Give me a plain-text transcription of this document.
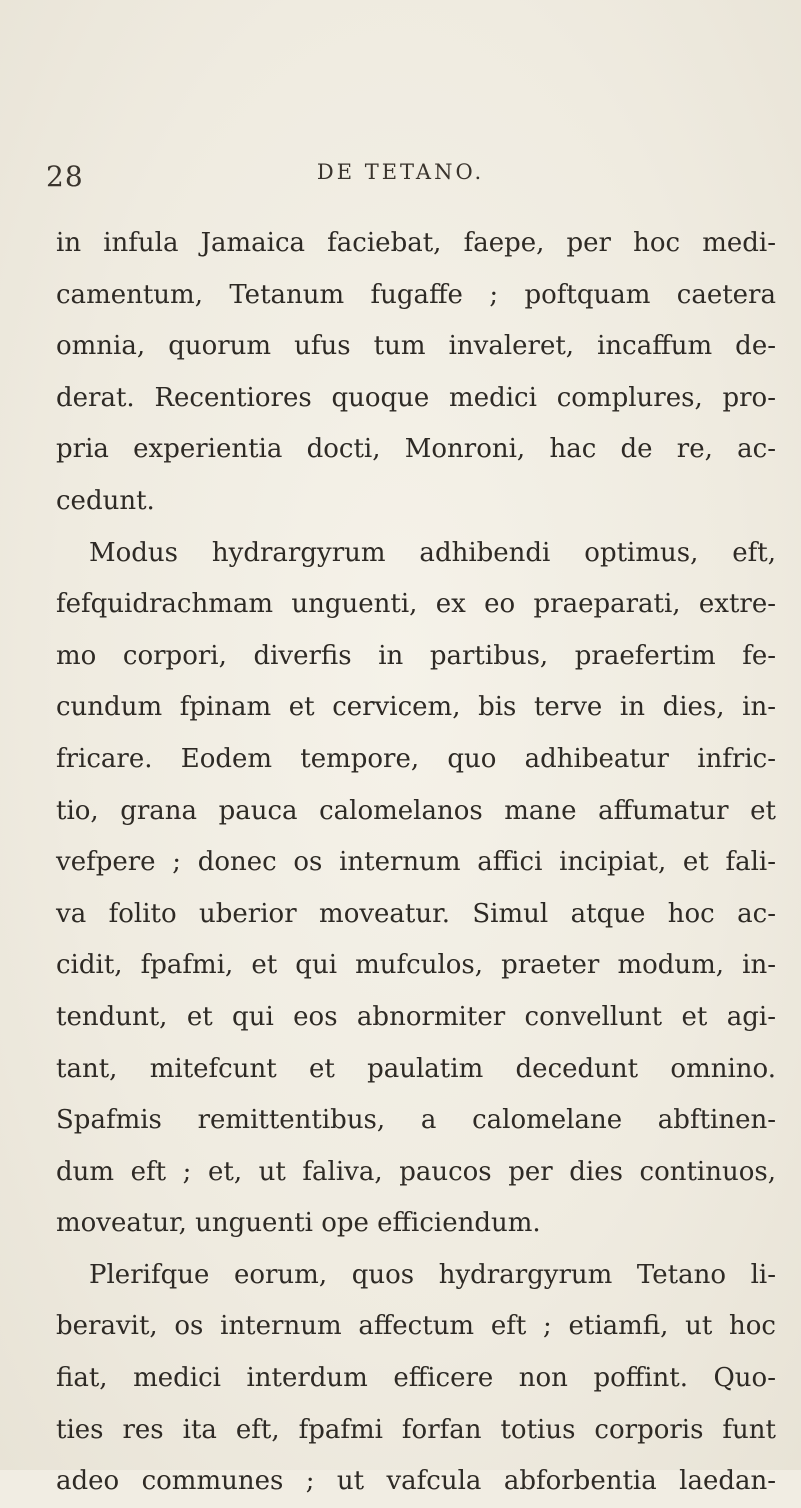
28	DE TETANO.
in infula Jamaica faciebat, faepe, per hoc medi-
camentum, Tetanum fugaffe ; poftquam caetera
omnia, quorum ufus tum invaleret, incaffum de-
derat. Recentiores quoque medici complures, pro-
pria experientia docti, Monroni, hac de re, ac-
cedunt.
Modus hydrargyrum adhibendi optimus, eft,
fefquidrachmam unguenti, ex eo praeparati, extre-
mo corpori, diverfis in partibus, praefertim fe-
cundum fpinam et cervicem, bis terve in dies, in-
fricare. Eodem tempore, quo adhibeatur infric-
tio, grana pauca calomelanos mane affumatur et
vefpere ; donec os internum affici incipiat, et fali-
va folito uberior moveatur. Simul atque hoc ac-
cidit, fpafmi, et qui mufculos, praeter modum, in-
tendunt, et qui eos abnormiter convellunt et agi-
tant, mitefcunt et paulatim decedunt omnino.
Spafmis remittentibus, a calomelane abftinen-
dum eft ; et, ut faliva, paucos per dies continuos,
moveatur, unguenti ope efficiendum.
Plerifque eorum, quos hydrargyrum Tetano li-
beravit, os internum affectum eft ; etiamfi, ut hoc
fiat, medici interdum efficere non poffint. Quo-
ties res ita eft, fpafmi forfan totius corporis funt
adeo communes ; ut vafcula abforbentia laedan-
